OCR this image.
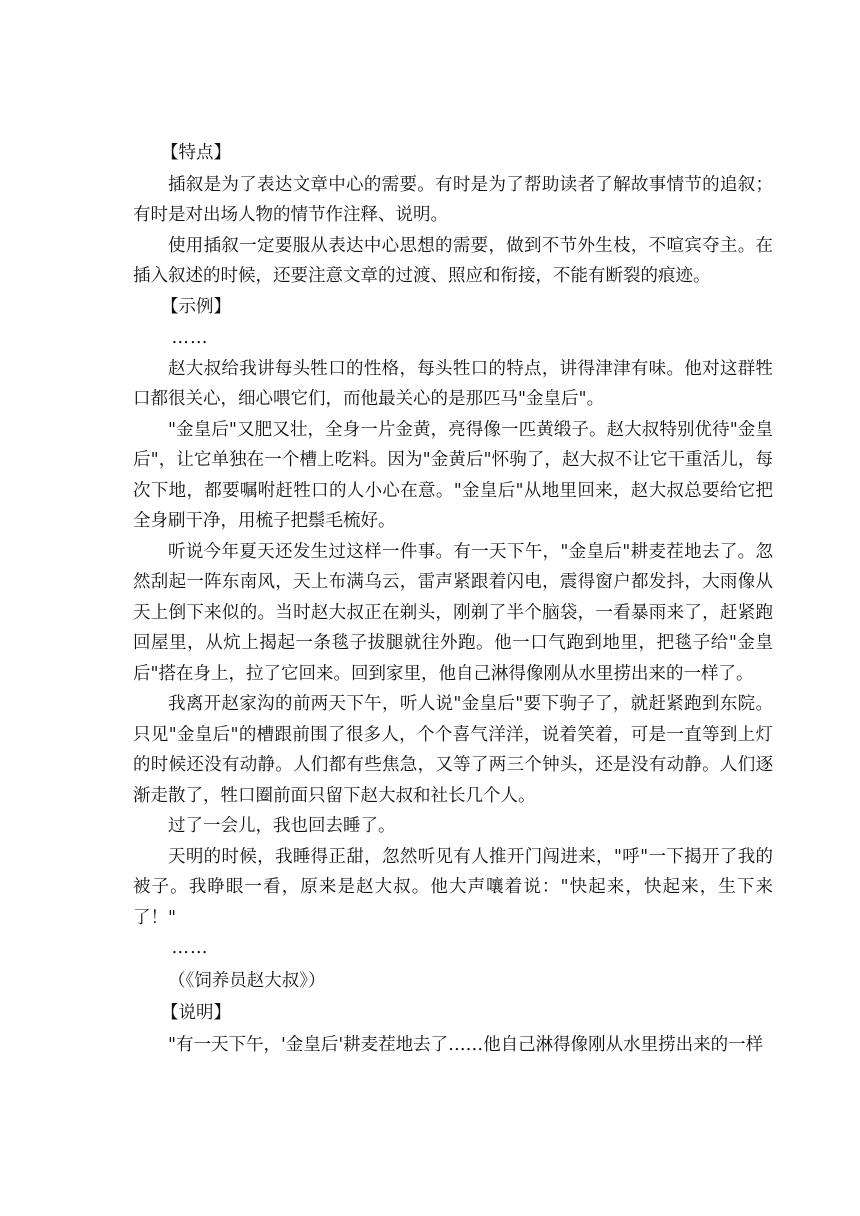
【特点】

插叙是为了表达文章中心的需要。有时是为了帮助读者了解故事情节的追叙；有时是对出场人物的情节作注释、说明。

使用插叙一定要服从表达中心思想的需要，做到不节外生枝，不喧宾夺主。在插入叙述的时候，还要注意文章的过渡、照应和衔接，不能有断裂的痕迹。

【示例】

……

赵大叔给我讲每头牲口的性格，每头牲口的特点，讲得津津有味。他对这群牲口都很关心，细心喂它们，而他最关心的是那匹马"金皇后"。

"金皇后"又肥又壮，全身一片金黄，亮得像一匹黄缎子。赵大叔特别优待"金皇后"，让它单独在一个槽上吃料。因为"金黄后"怀驹了，赵大叔不让它干重活儿，每次下地，都要嘱咐赶牲口的人小心在意。"金皇后"从地里回来，赵大叔总要给它把全身刷干净，用梳子把鬃毛梳好。

听说今年夏天还发生过这样一件事。有一天下午，"金皇后"耕麦茬地去了。忽然刮起一阵东南风，天上布满乌云，雷声紧跟着闪电，震得窗户都发抖，大雨像从天上倒下来似的。当时赵大叔正在剃头，刚剃了半个脑袋，一看暴雨来了，赶紧跑回屋里，从炕上揭起一条毯子拔腿就往外跑。他一口气跑到地里，把毯子给"金皇后"搭在身上，拉了它回来。回到家里，他自己淋得像刚从水里捞出来的一样了。

我离开赵家沟的前两天下午，听人说"金皇后"要下驹子了，就赶紧跑到东院。只见"金皇后"的槽跟前围了很多人，个个喜气洋洋，说着笑着，可是一直等到上灯的时候还没有动静。人们都有些焦急，又等了两三个钟头，还是没有动静。人们逐渐走散了，牲口圈前面只留下赵大叔和社长几个人。

过了一会儿，我也回去睡了。

天明的时候，我睡得正甜，忽然听见有人推开门闯进来，"呼"一下揭开了我的被子。我睁眼一看，原来是赵大叔。他大声嚷着说："快起来，快起来，生下来了！"

……

（《饲养员赵大叔》）

【说明】

"有一天下午，'金皇后'耕麦茬地去了……他自己淋得像刚从水里捞出来的一样
